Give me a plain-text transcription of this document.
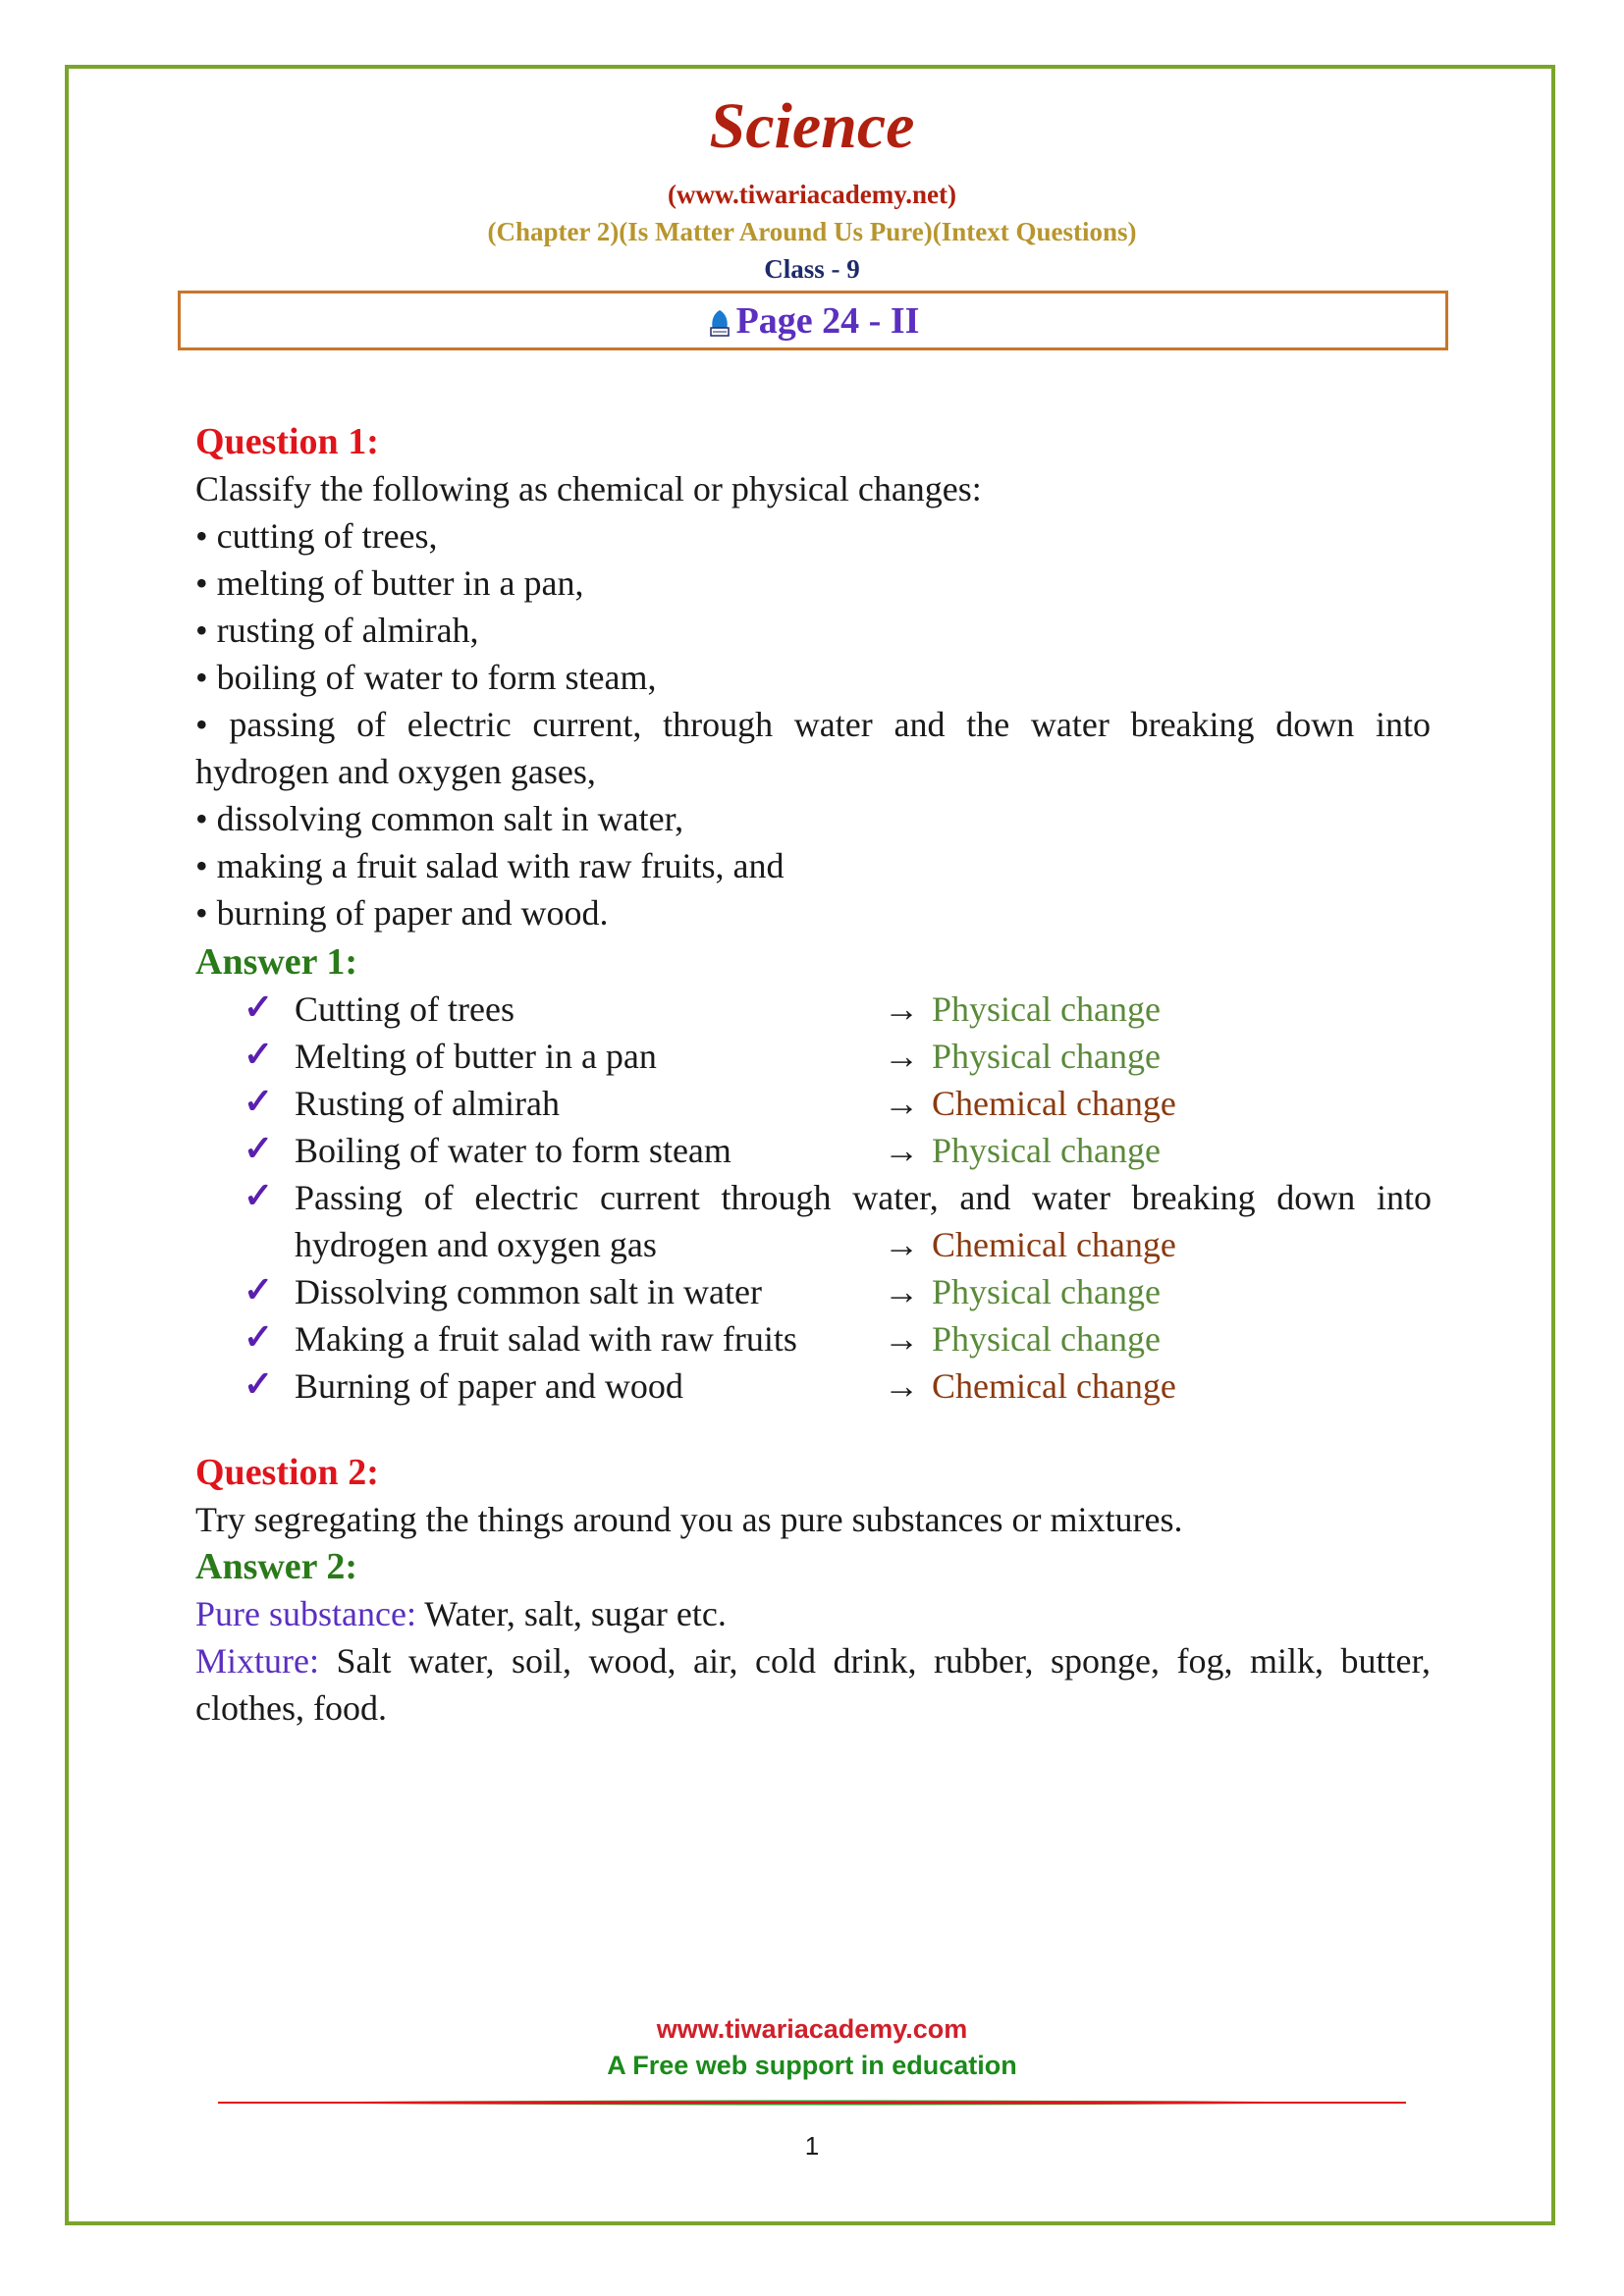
Science
(www.tiwariacademy.net)
(Chapter 2)(Is Matter Around Us Pure)(Intext Questions)
Class - 9
Page 24 - II
Question 1:
Classify the following as chemical or physical changes:
• cutting of trees,
• melting of butter in a pan,
• rusting of almirah,
• boiling of water to form steam,
• passing of electric current, through water and the water breaking down into
hydrogen and oxygen gases,
• dissolving common salt in water,
• making a fruit salad with raw fruits, and
• burning of paper and wood.
Answer 1:
✓ Cutting of trees	→ Physical change
✓ Melting of butter in a pan	→ Physical change
✓ Rusting of almirah	→ Chemical change
✓ Boiling of water to form steam	→ Physical change
✓ Passing of electric current through water, and water breaking down into
hydrogen and oxygen gas	→ Chemical change
✓ Dissolving common salt in water	→ Physical change
✓ Making a fruit salad with raw fruits → Physical change
✓ Burning of paper and wood	→ Chemical change
Question 2:
Try segregating the things around you as pure substances or mixtures.
Answer 2:
Pure substance: Water, salt, sugar etc.
Mixture: Salt water, soil, wood, air, cold drink, rubber, sponge, fog, milk, butter,
clothes, food.
www.tiwariacademy.com
A Free web support in education
1
